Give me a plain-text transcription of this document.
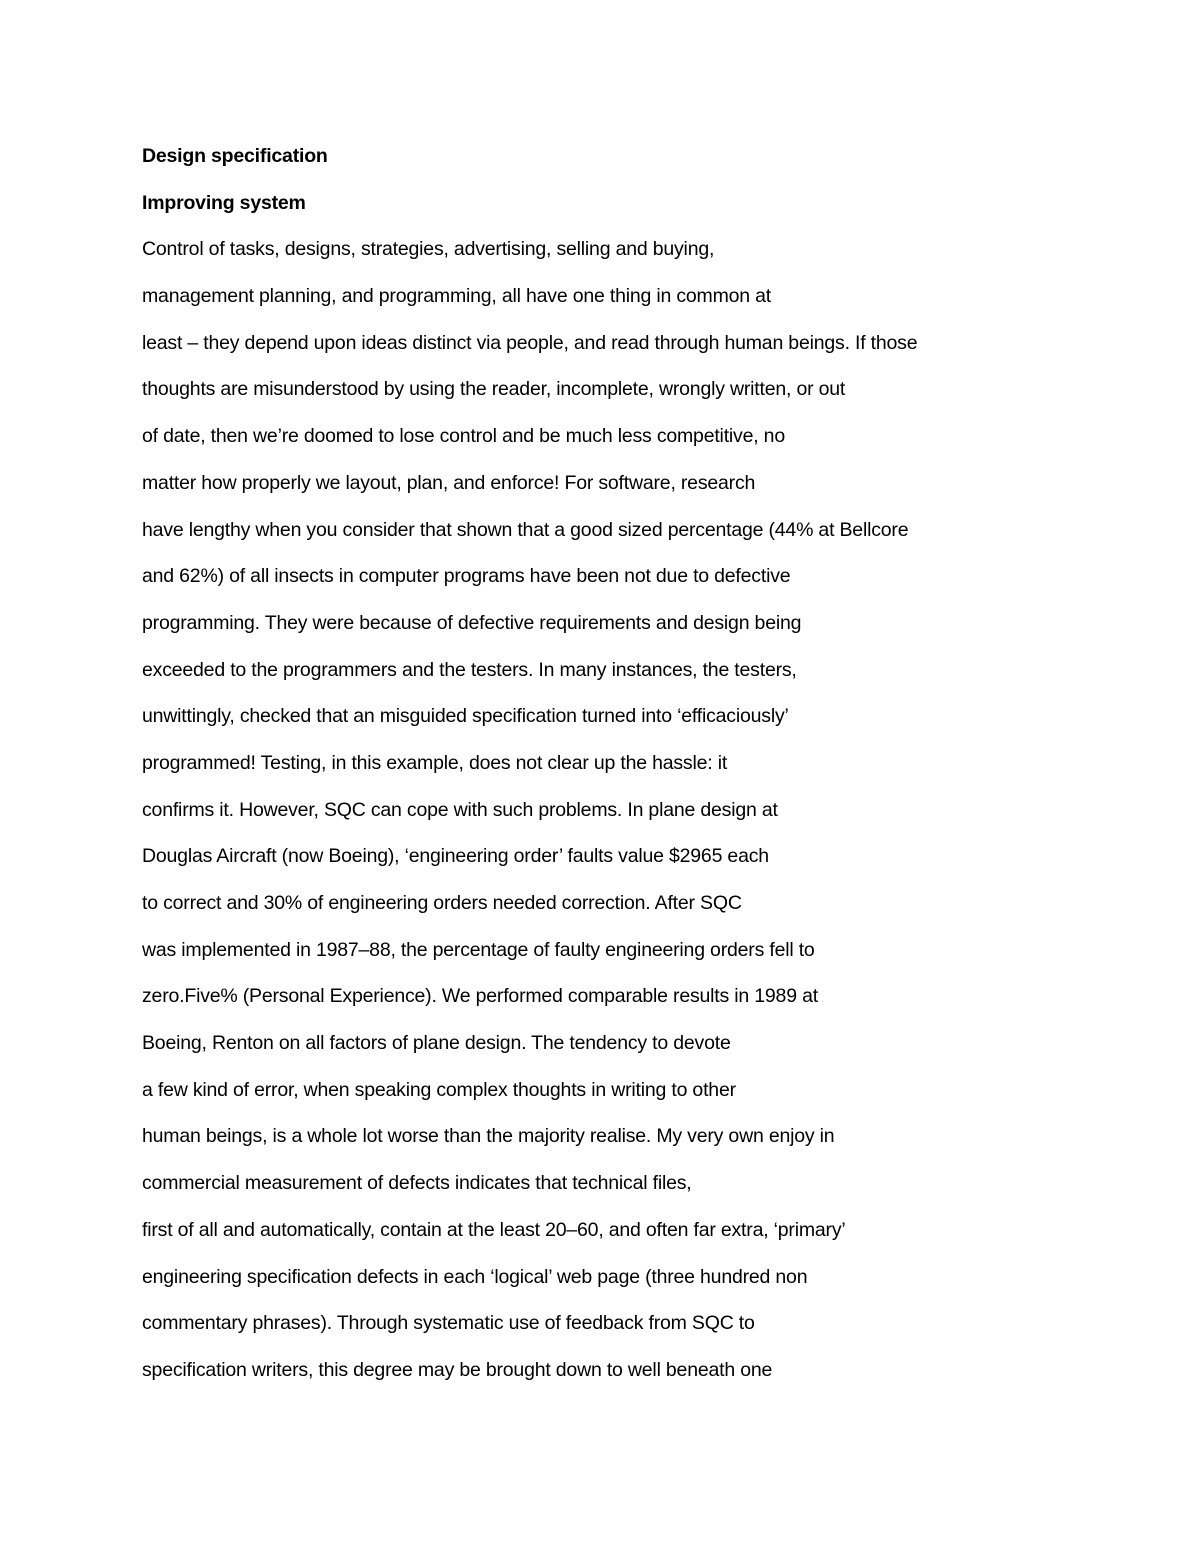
Design specification
Improving system
Control of tasks, designs, strategies, advertising, selling and buying,
management planning, and programming, all have one thing in common at
least – they depend upon ideas distinct via people, and read through human beings. If those
thoughts are misunderstood by using the reader, incomplete, wrongly written, or out
of date, then we’re doomed to lose control and be much less competitive, no
matter how properly we layout, plan, and enforce! For software, research
have lengthy when you consider that shown that a good sized percentage (44% at Bellcore
and 62%) of all insects in computer programs have been not due to defective
programming. They were because of defective requirements and design being
exceeded to the programmers and the testers. In many instances, the testers,
unwittingly, checked that an misguided specification turned into ‘efficaciously’
programmed! Testing, in this example, does not clear up the hassle: it
confirms it. However, SQC can cope with such problems. In plane design at
Douglas Aircraft (now Boeing), ‘engineering order’ faults value $2965 each
to correct and 30% of engineering orders needed correction. After SQC
was implemented in 1987–88, the percentage of faulty engineering orders fell to
zero.Five% (Personal Experience). We performed comparable results in 1989 at
Boeing, Renton on all factors of plane design. The tendency to devote
a few kind of error, when speaking complex thoughts in writing to other
human beings, is a whole lot worse than the majority realise. My very own enjoy in
commercial measurement of defects indicates that technical files,
first of all and automatically, contain at the least 20–60, and often far extra, ‘primary’
engineering specification defects in each ‘logical’ web page (three hundred non
commentary phrases). Through systematic use of feedback from SQC to
specification writers, this degree may be brought down to well beneath one
